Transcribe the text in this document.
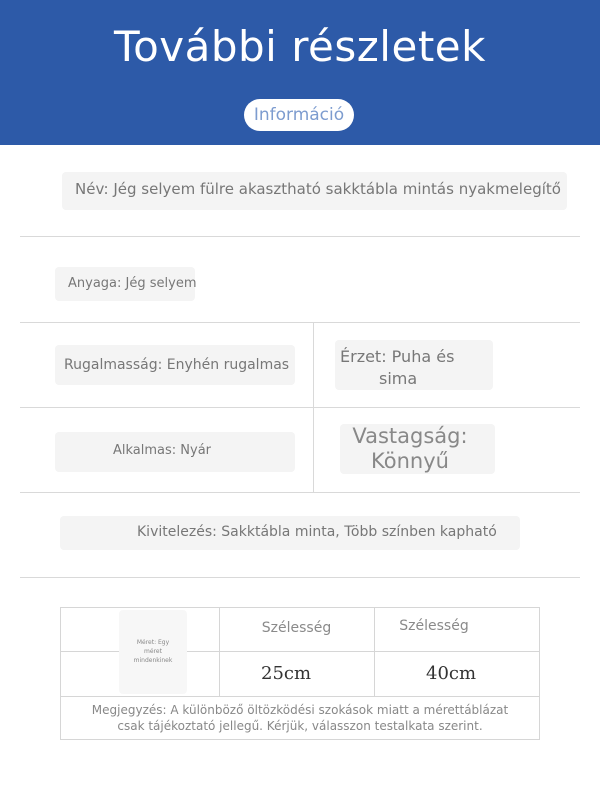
További részletek
Információ
Név: Jég selyem fülre akasztható sakktábla mintás nyakmelegítő
Anyaga: Jég selyem
Rugalmasság: Enyhén rugalmas	Érzet: Puha és
sima
Alkalmas: Nyár
Vastagság:
Könnyű
Kivitelezés: Sakktábla minta, Több színben kapható
Méret: Egy
méret
mindenkinek
Szélesség	Szélesség
25cm	40cm
Megjegyzés: A különböző öltözködési szokások miatt a mérettáblázat
csak tájékoztató jellegű. Kérjük, válasszon testalkata szerint.
